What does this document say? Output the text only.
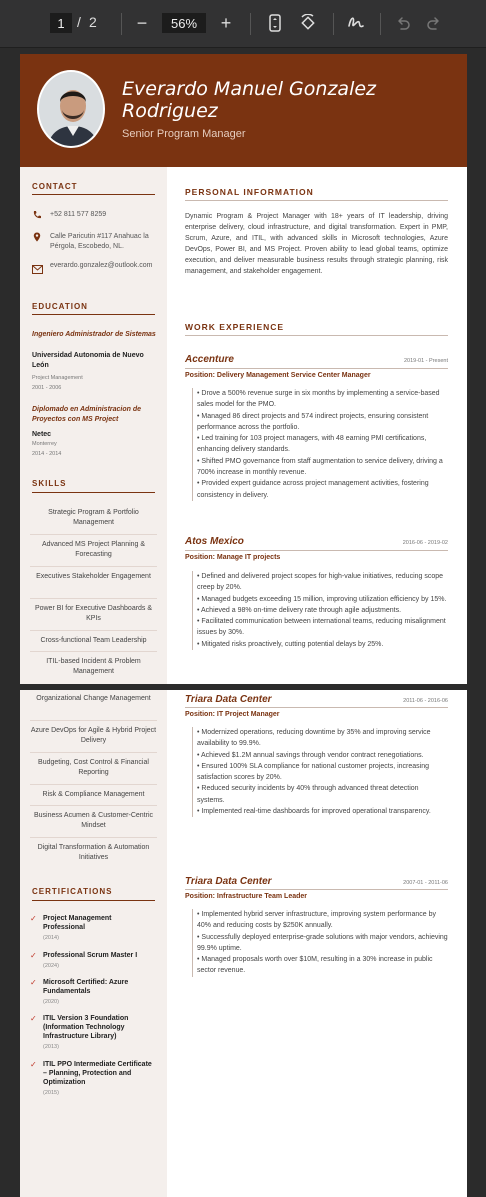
1 / 2	−	56%	+
Everardo Manuel Gonzalez Rodriguez
Senior Program Manager
CONTACT
+52 811 577 8259
Calle Paricutin #117 Anahuac la Pérgola, Escobedo, NL.
everardo.gonzalez@outlook.com
EDUCATION
Ingeniero Administrador de Sistemas
Universidad Autonomia de Nuevo León
Project Management
2001 - 2006
Diplomado en Administracion de Proyectos con MS Project
Netec
Monterrey
2014 - 2014
SKILLS
Strategic Program & Portfolio Management
Advanced MS Project Planning & Forecasting
Executives Stakeholder Engagement
Power BI for Executive Dashboards & KPIs
Cross-functional Team Leadership
ITIL-based Incident & Problem Management
PERSONAL INFORMATION
Dynamic Program & Project Manager with 18+ years of IT leadership, driving enterprise delivery, cloud infrastructure, and digital transformation. Expert in PMP, Scrum, Azure, and ITIL, with advanced skills in Microsoft technologies, Azure DevOps, Power BI, and MS Project. Proven ability to lead global teams, optimize execution, and deliver measurable business results through strategic planning, risk management, and stakeholder engagement.
WORK EXPERIENCE
Accenture	2019-01 - Present
Position: Delivery Management Service Center Manager
• Drove a 500% revenue surge in six months by implementing a service-based sales model for the PMO.
• Managed 86 direct projects and 574 indirect projects, ensuring consistent performance across the portfolio.
• Led training for 103 project managers, with 48 earning PMI certifications, enhancing delivery standards.
• Shifted PMO governance from staff augmentation to service delivery, driving a 700% increase in monthly revenue.
• Provided expert guidance across project management activities, fostering consistency in delivery.
Atos Mexico	2016-06 - 2019-02
Position: Manage IT projects
• Defined and delivered project scopes for high-value initiatives, reducing scope creep by 20%.
• Managed budgets exceeding 15 million, improving utilization efficiency by 15%.
• Achieved a 98% on-time delivery rate through agile adjustments.
• Facilitated communication between international teams, reducing misalignment issues by 30%.
• Mitigated risks proactively, cutting potential delays by 25%.
Organizational Change Management
Azure DevOps for Agile & Hybrid Project Delivery
Budgeting, Cost Control & Financial Reporting
Risk & Compliance Management
Business Acumen & Customer-Centric Mindset
Digital Transformation & Automation Initiatives
CERTIFICATIONS
✓ Project Management Professional
(2014)
✓ Professional Scrum Master I
(2024)
✓ Microsoft Certified: Azure Fundamentals
(2020)
✓ ITIL Version 3 Foundation (Information Technology Infrastructure Library)
(2013)
✓ ITIL PPO Intermediate Certificate – Planning, Protection and Optimization
(2015)
Triara Data Center	2011-06 - 2016-06
Position: IT Project Manager
• Modernized operations, reducing downtime by 35% and improving service availability to 99.9%.
• Achieved $1.2M annual savings through vendor contract renegotiations.
• Ensured 100% SLA compliance for national customer projects, increasing satisfaction scores by 20%.
• Reduced security incidents by 40% through advanced threat detection systems.
• Implemented real-time dashboards for improved operational transparency.
Triara Data Center	2007-01 - 2011-06
Position: Infrastructure Team Leader
• Implemented hybrid server infrastructure, improving system performance by 40% and reducing costs by $250K annually.
• Successfully deployed enterprise-grade solutions with major vendors, achieving 99.9% uptime.
• Managed proposals worth over $10M, resulting in a 30% increase in public sector revenue.
